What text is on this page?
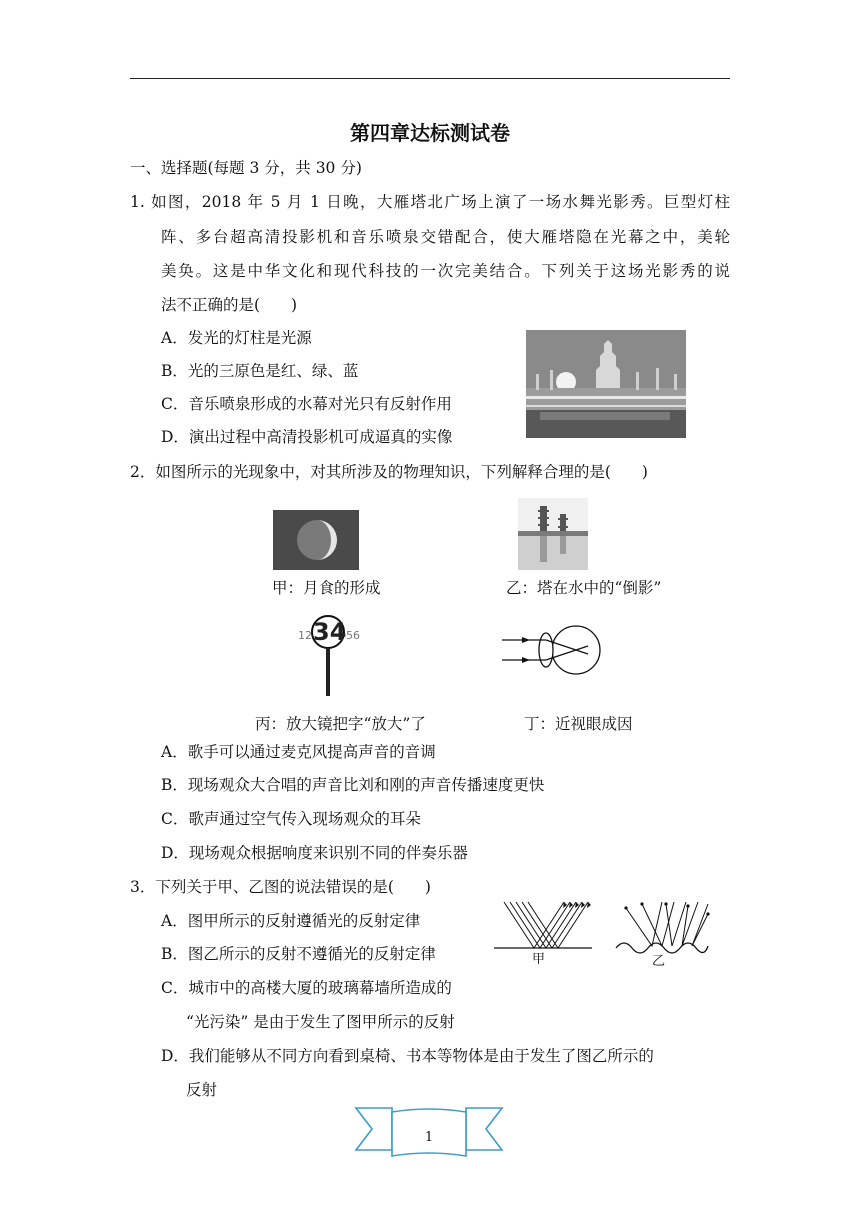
第四章达标测试卷
一、选择题(每题 3 分，共 30 分)
1. 如图，2018 年 5 月 1 日晚，大雁塔北广场上演了一场水舞光影秀。巨型灯柱
阵、多台超高清投影机和音乐喷泉交错配合，使大雁塔隐在光幕之中，美轮
美奂。这是中华文化和现代科技的一次完美结合。下列关于这场光影秀的说
法不正确的是(　　)
A．发光的灯柱是光源
B．光的三原色是红、绿、蓝
C．音乐喷泉形成的水幕对光只有反射作用
D．演出过程中高清投影机可成逼真的实像
2．如图所示的光现象中，对其所涉及的物理知识，下列解释合理的是(　　)
甲：月食的形成	乙：塔在水中的“倒影”
12 34 56
丙：放大镜把字“放大”了	丁：近视眼成因
A．歌手可以通过麦克风提高声音的音调
B．现场观众大合唱的声音比刘和刚的声音传播速度更快
C．歌声通过空气传入现场观众的耳朵
D．现场观众根据响度来识别不同的伴奏乐器
3．下列关于甲、乙图的说法错误的是(　　)
A．图甲所示的反射遵循光的反射定律
B．图乙所示的反射不遵循光的反射定律
C．城市中的高楼大厦的玻璃幕墙所造成的
“光污染” 是由于发生了图甲所示的反射
D．我们能够从不同方向看到桌椅、书本等物体是由于发生了图乙所示的
反射
甲	乙
1
